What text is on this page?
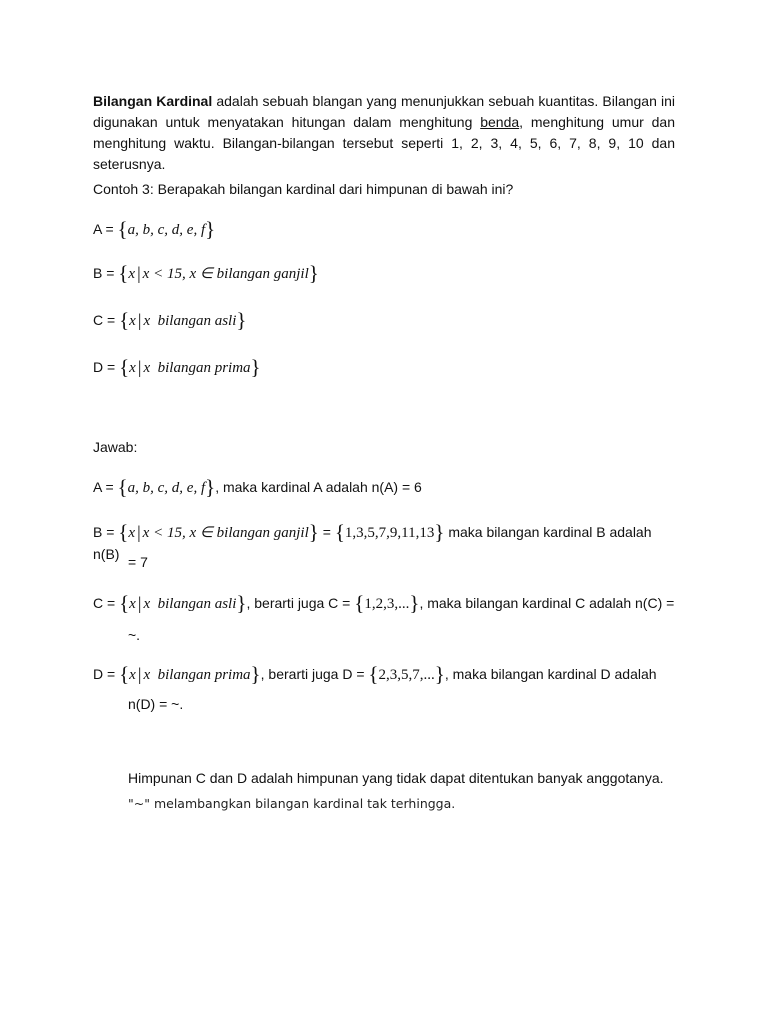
Bilangan Kardinal adalah sebuah blangan yang menunjukkan sebuah kuantitas. Bilangan ini digunakan untuk menyatakan hitungan dalam menghitung benda, menghitung umur dan menghitung waktu. Bilangan-bilangan tersebut seperti 1, 2, 3, 4, 5, 6, 7, 8, 9, 10 dan seterusnya.

Contoh 3: Berapakah bilangan kardinal dari himpunan di bawah ini?

A = {a, b, c, d, e, f}

B = {x | x < 15, x ∈ bilangan ganjil}

C = {x | x  bilangan asli}

D = {x | x  bilangan prima}

Jawab:

A = {a, b, c, d, e, f}, maka kardinal A adalah n(A) = 6

B = {x | x < 15, x ∈ bilangan ganjil} = {1,3,5,7,9,11,13} maka bilangan kardinal B adalah n(B) = 7

C = {x | x  bilangan asli}, berarti juga C = {1,2,3,...}, maka bilangan kardinal C adalah n(C) =

~.

D = {x | x  bilangan prima}, berarti juga D = {2,3,5,7,...}, maka bilangan kardinal D adalah

n(D) = ~.

Himpunan C dan D adalah himpunan yang tidak dapat ditentukan banyak anggotanya.

"~" melambangkan bilangan kardinal tak terhingga.
